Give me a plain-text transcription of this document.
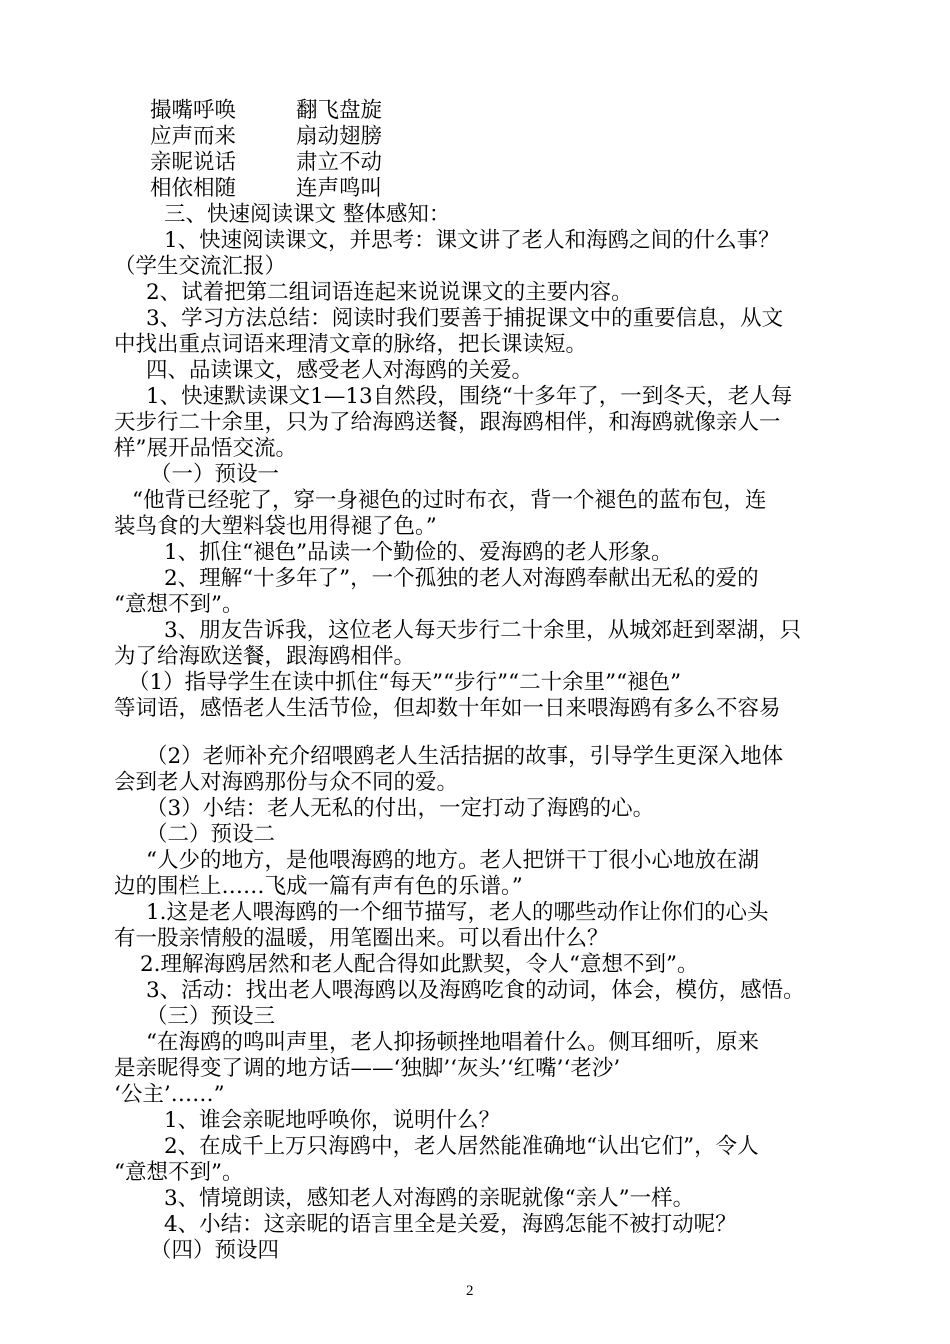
撮嘴呼唤	翻飞盘旋
应声而来	扇动翅膀
亲昵说话	肃立不动
相依相随	连声鸣叫
三、快速阅读课文 整体感知：
1、快速阅读课文，并思考：课文讲了老人和海鸥之间的什么事？
（学生交流汇报）
2、试着把第二组词语连起来说说课文的主要内容。
3、学习方法总结：阅读时我们要善于捕捉课文中的重要信息，从文
中找出重点词语来理清文章的脉络，把长课读短。
四、品读课文，感受老人对海鸥的关爱。
1、快速默读课文1—13自然段，围绕“十多年了，一到冬天，老人每
天步行二十余里，只为了给海鸥送餐，跟海鸥相伴，和海鸥就像亲人一
样”展开品悟交流。
（一）预设一
“他背已经驼了，穿一身褪色的过时布衣，背一个褪色的蓝布包，连
装鸟食的大塑料袋也用得褪了色。”
1、抓住“褪色”品读一个勤俭的、爱海鸥的老人形象。
2、理解“十多年了”，一个孤独的老人对海鸥奉献出无私的爱的
“意想不到”。
3、朋友告诉我，这位老人每天步行二十余里，从城郊赶到翠湖，只
为了给海欧送餐，跟海鸥相伴。
（1）指导学生在读中抓住“每天”“步行”“二十余里”“褪色”
等词语，感悟老人生活节俭，但却数十年如一日来喂海鸥有多么不容易
（2）老师补充介绍喂鸥老人生活拮据的故事，引导学生更深入地体
会到老人对海鸥那份与众不同的爱。
（3）小结：老人无私的付出，一定打动了海鸥的心。
（二）预设二
“人少的地方，是他喂海鸥的地方。老人把饼干丁很小心地放在湖
边的围栏上……飞成一篇有声有色的乐谱。”
1.这是老人喂海鸥的一个细节描写，老人的哪些动作让你们的心头
有一股亲情般的温暖，用笔圈出来。可以看出什么？
2.理解海鸥居然和老人配合得如此默契，令人“意想不到”。
3、活动：找出老人喂海鸥以及海鸥吃食的动词，体会，模仿，感悟。
（三）预设三
“在海鸥的鸣叫声里，老人抑扬顿挫地唱着什么。侧耳细听，原来
是亲昵得变了调的地方话——‘独脚’‘灰头’‘红嘴’‘老沙’
‘公主’……”
1、谁会亲昵地呼唤你，说明什么？
2、在成千上万只海鸥中，老人居然能准确地“认出它们”，令人
“意想不到”。
3、情境朗读，感知老人对海鸥的亲昵就像“亲人”一样。
4、小结：这亲昵的语言里全是关爱，海鸥怎能不被打动呢？
（四）预设四
2
